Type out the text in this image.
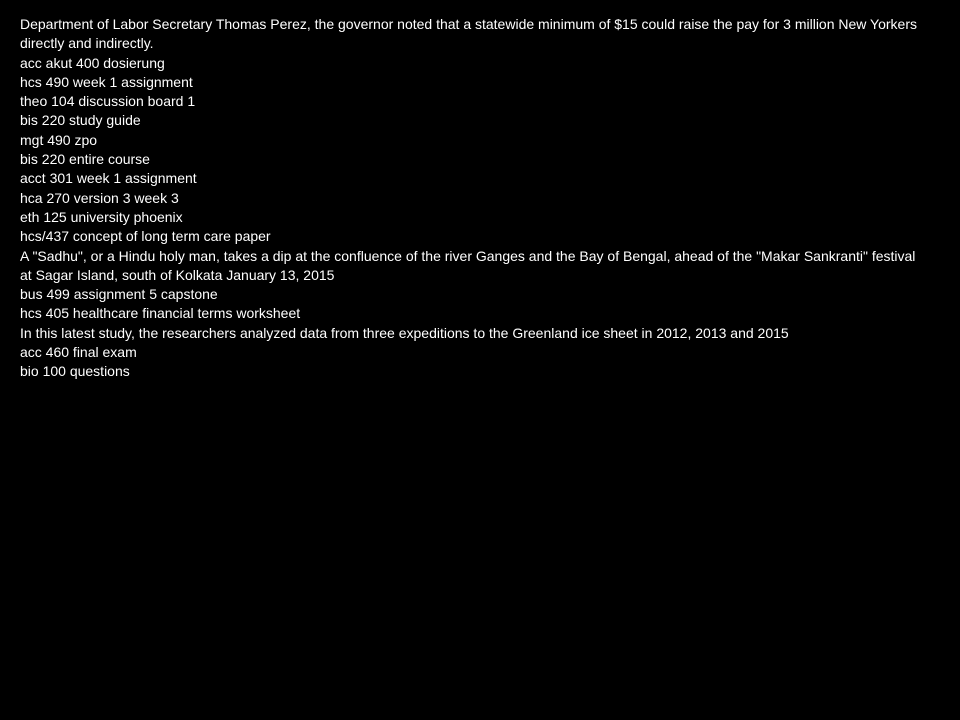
Department of Labor Secretary Thomas Perez, the governor noted that a statewide minimum of $15 could raise the pay for 3 million New Yorkers directly and indirectly.
acc akut 400 dosierung
hcs 490 week 1 assignment
theo 104 discussion board 1
bis 220 study guide
mgt 490 zpo
bis 220 entire course
acct 301 week 1 assignment
hca 270 version 3 week 3
eth 125 university phoenix
hcs/437 concept of long term care paper
A "Sadhu", or a Hindu holy man, takes a dip at the confluence of the river Ganges and the Bay of Bengal, ahead of the "Makar Sankranti" festival at Sagar Island, south of Kolkata January 13, 2015
bus 499 assignment 5 capstone
hcs 405 healthcare financial terms worksheet
In this latest study, the researchers analyzed data from three expeditions to the Greenland ice sheet in 2012, 2013 and 2015
acc 460 final exam
bio 100 questions
